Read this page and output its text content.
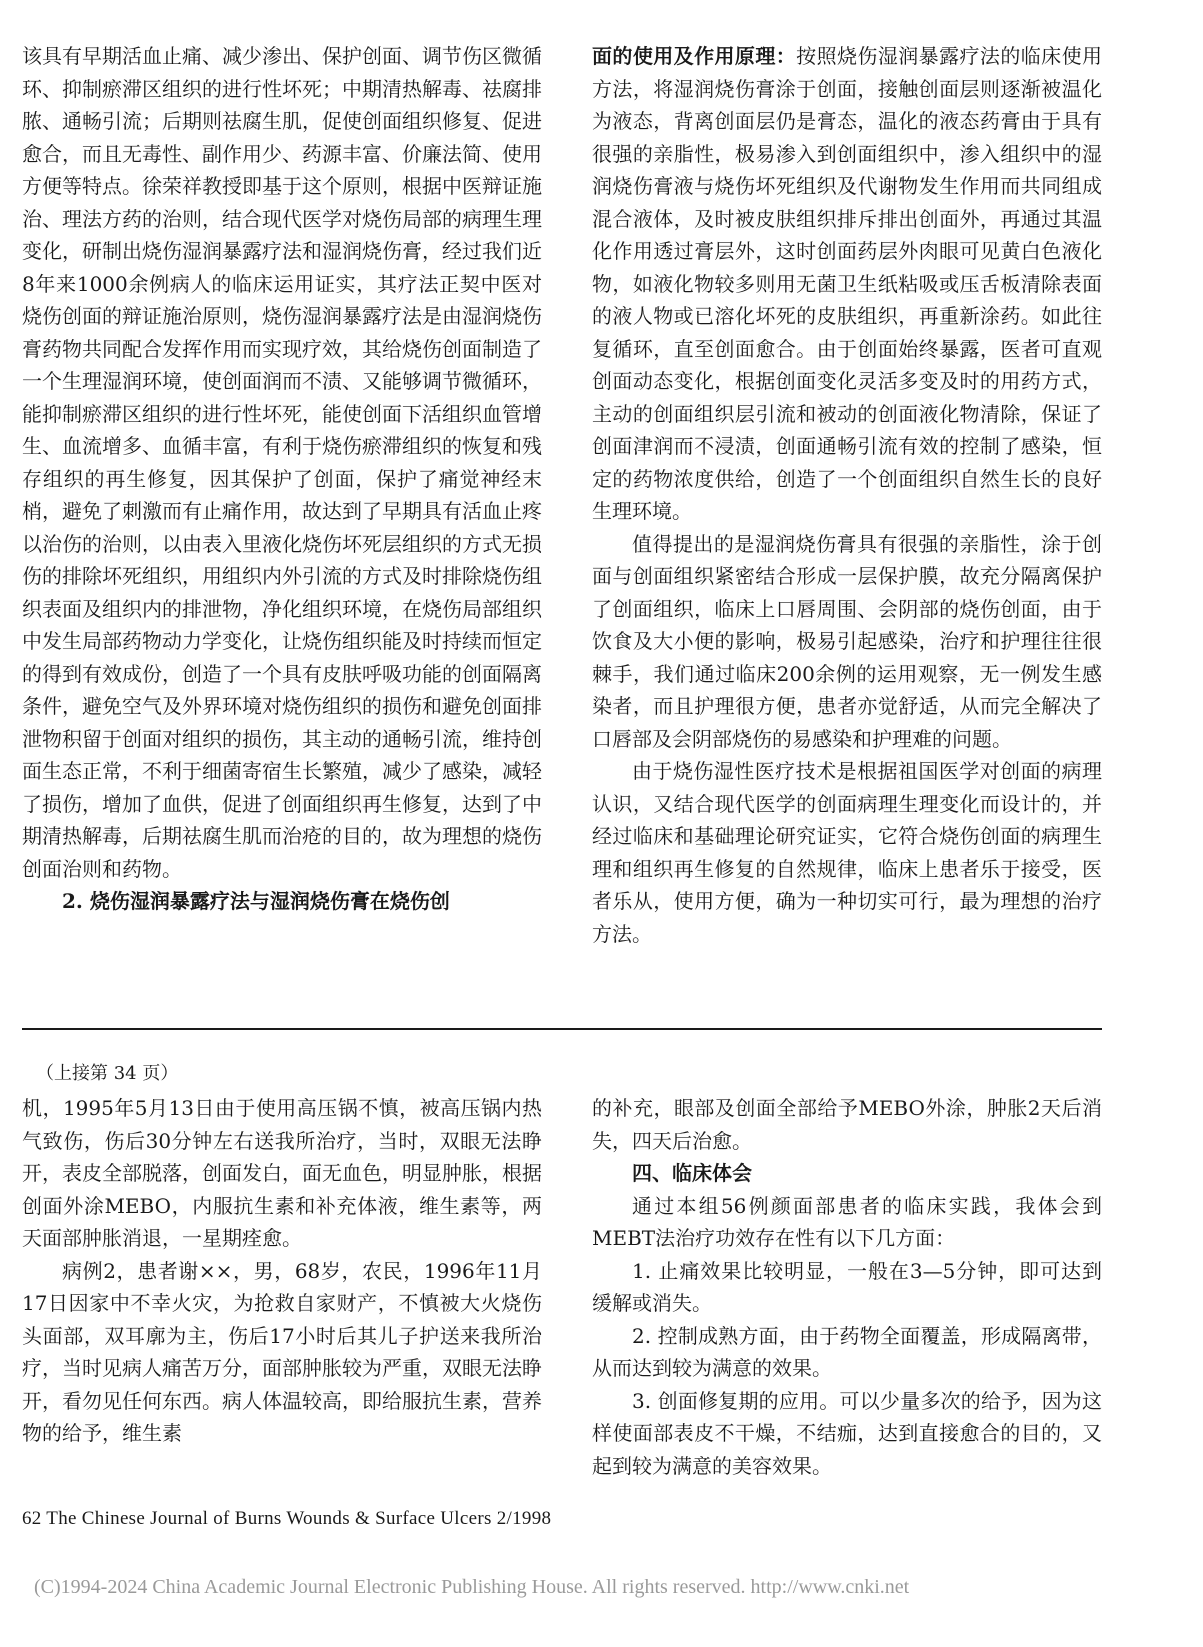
该具有早期活血止痛、减少渗出、保护创面、调节伤区微循环、抑制瘀滞区组织的进行性坏死；中期清热解毒、祛腐排脓、通畅引流；后期则祛腐生肌，促使创面组织修复、促进愈合，而且无毒性、副作用少、药源丰富、价廉法简、使用方便等特点。徐荣祥教授即基于这个原则，根据中医辩证施治、理法方药的治则，结合现代医学对烧伤局部的病理生理变化，研制出烧伤湿润暴露疗法和湿润烧伤膏，经过我们近8年来1000余例病人的临床运用证实，其疗法正契中医对烧伤创面的辩证施治原则，烧伤湿润暴露疗法是由湿润烧伤膏药物共同配合发挥作用而实现疗效，其给烧伤创面制造了一个生理湿润环境，使创面润而不渍、又能够调节微循环，能抑制瘀滞区组织的进行性坏死，能使创面下活组织血管增生、血流增多、血循丰富，有利于烧伤瘀滞组织的恢复和残存组织的再生修复，因其保护了创面，保护了痛觉神经末梢，避免了刺激而有止痛作用，故达到了早期具有活血止疼以治伤的治则，以由表入里液化烧伤坏死层组织的方式无损伤的排除坏死组织，用组织内外引流的方式及时排除烧伤组织表面及组织内的排泄物，净化组织环境，在烧伤局部组织中发生局部药物动力学变化，让烧伤组织能及时持续而恒定的得到有效成份，创造了一个具有皮肤呼吸功能的创面隔离条件，避免空气及外界环境对烧伤组织的损伤和避免创面排泄物积留于创面对组织的损伤，其主动的通畅引流，维持创面生态正常，不利于细菌寄宿生长繁殖，减少了感染，减轻了损伤，增加了血供，促进了创面组织再生修复，达到了中期清热解毒，后期祛腐生肌而治疮的目的，故为理想的烧伤创面治则和药物。

2. 烧伤湿润暴露疗法与湿润烧伤膏在烧伤创

面的使用及作用原理：按照烧伤湿润暴露疗法的临床使用方法，将湿润烧伤膏涂于创面，接触创面层则逐渐被温化为液态，背离创面层仍是膏态，温化的液态药膏由于具有很强的亲脂性，极易渗入到创面组织中，渗入组织中的湿润烧伤膏液与烧伤坏死组织及代谢物发生作用而共同组成混合液体，及时被皮肤组织排斥排出创面外，再通过其温化作用透过膏层外，这时创面药层外肉眼可见黄白色液化物，如液化物较多则用无菌卫生纸粘吸或压舌板清除表面的液人物或已溶化坏死的皮肤组织，再重新涂药。如此往复循环，直至创面愈合。由于创面始终暴露，医者可直观创面动态变化，根据创面变化灵活多变及时的用药方式，主动的创面组织层引流和被动的创面液化物清除，保证了创面津润而不浸渍，创面通畅引流有效的控制了感染，恒定的药物浓度供给，创造了一个创面组织自然生长的良好生理环境。

值得提出的是湿润烧伤膏具有很强的亲脂性，涂于创面与创面组织紧密结合形成一层保护膜，故充分隔离保护了创面组织，临床上口唇周围、会阴部的烧伤创面，由于饮食及大小便的影响，极易引起感染，治疗和护理往往很棘手，我们通过临床200余例的运用观察，无一例发生感染者，而且护理很方便，患者亦觉舒适，从而完全解决了口唇部及会阴部烧伤的易感染和护理难的问题。

由于烧伤湿性医疗技术是根据祖国医学对创面的病理认识，又结合现代医学的创面病理生理变化而设计的，并经过临床和基础理论研究证实，它符合烧伤创面的病理生理和组织再生修复的自然规律，临床上患者乐于接受，医者乐从，使用方便，确为一种切实可行，最为理想的治疗方法。

（上接第 34 页）

机，1995年5月13日由于使用高压锅不慎，被高压锅内热气致伤，伤后30分钟左右送我所治疗，当时，双眼无法睁开，表皮全部脱落，创面发白，面无血色，明显肿胀，根据创面外涂MEBO，内服抗生素和补充体液，维生素等，两天面部肿胀消退，一星期痊愈。

病例2，患者谢××，男，68岁，农民，1996年11月17日因家中不幸火灾，为抢救自家财产，不慎被大火烧伤头面部，双耳廓为主，伤后17小时后其儿子护送来我所治疗，当时见病人痛苦万分，面部肿胀较为严重，双眼无法睁开，看勿见任何东西。病人体温较高，即给服抗生素，营养物的给予，维生素

的补充，眼部及创面全部给予MEBO外涂，肿胀2天后消失，四天后治愈。

四、临床体会

通过本组56例颜面部患者的临床实践，我体会到MEBT法治疗功效存在性有以下几方面：

1. 止痛效果比较明显，一般在3—5分钟，即可达到缓解或消失。

2. 控制成熟方面，由于药物全面覆盖，形成隔离带，从而达到较为满意的效果。

3. 创面修复期的应用。可以少量多次的给予，因为这样使面部表皮不干燥，不结痂，达到直接愈合的目的，又起到较为满意的美容效果。

62 The Chinese Journal of Burns Wounds & Surface Ulcers 2/1998
(C)1994-2024 China Academic Journal Electronic Publishing House. All rights reserved. http://www.cnki.net
